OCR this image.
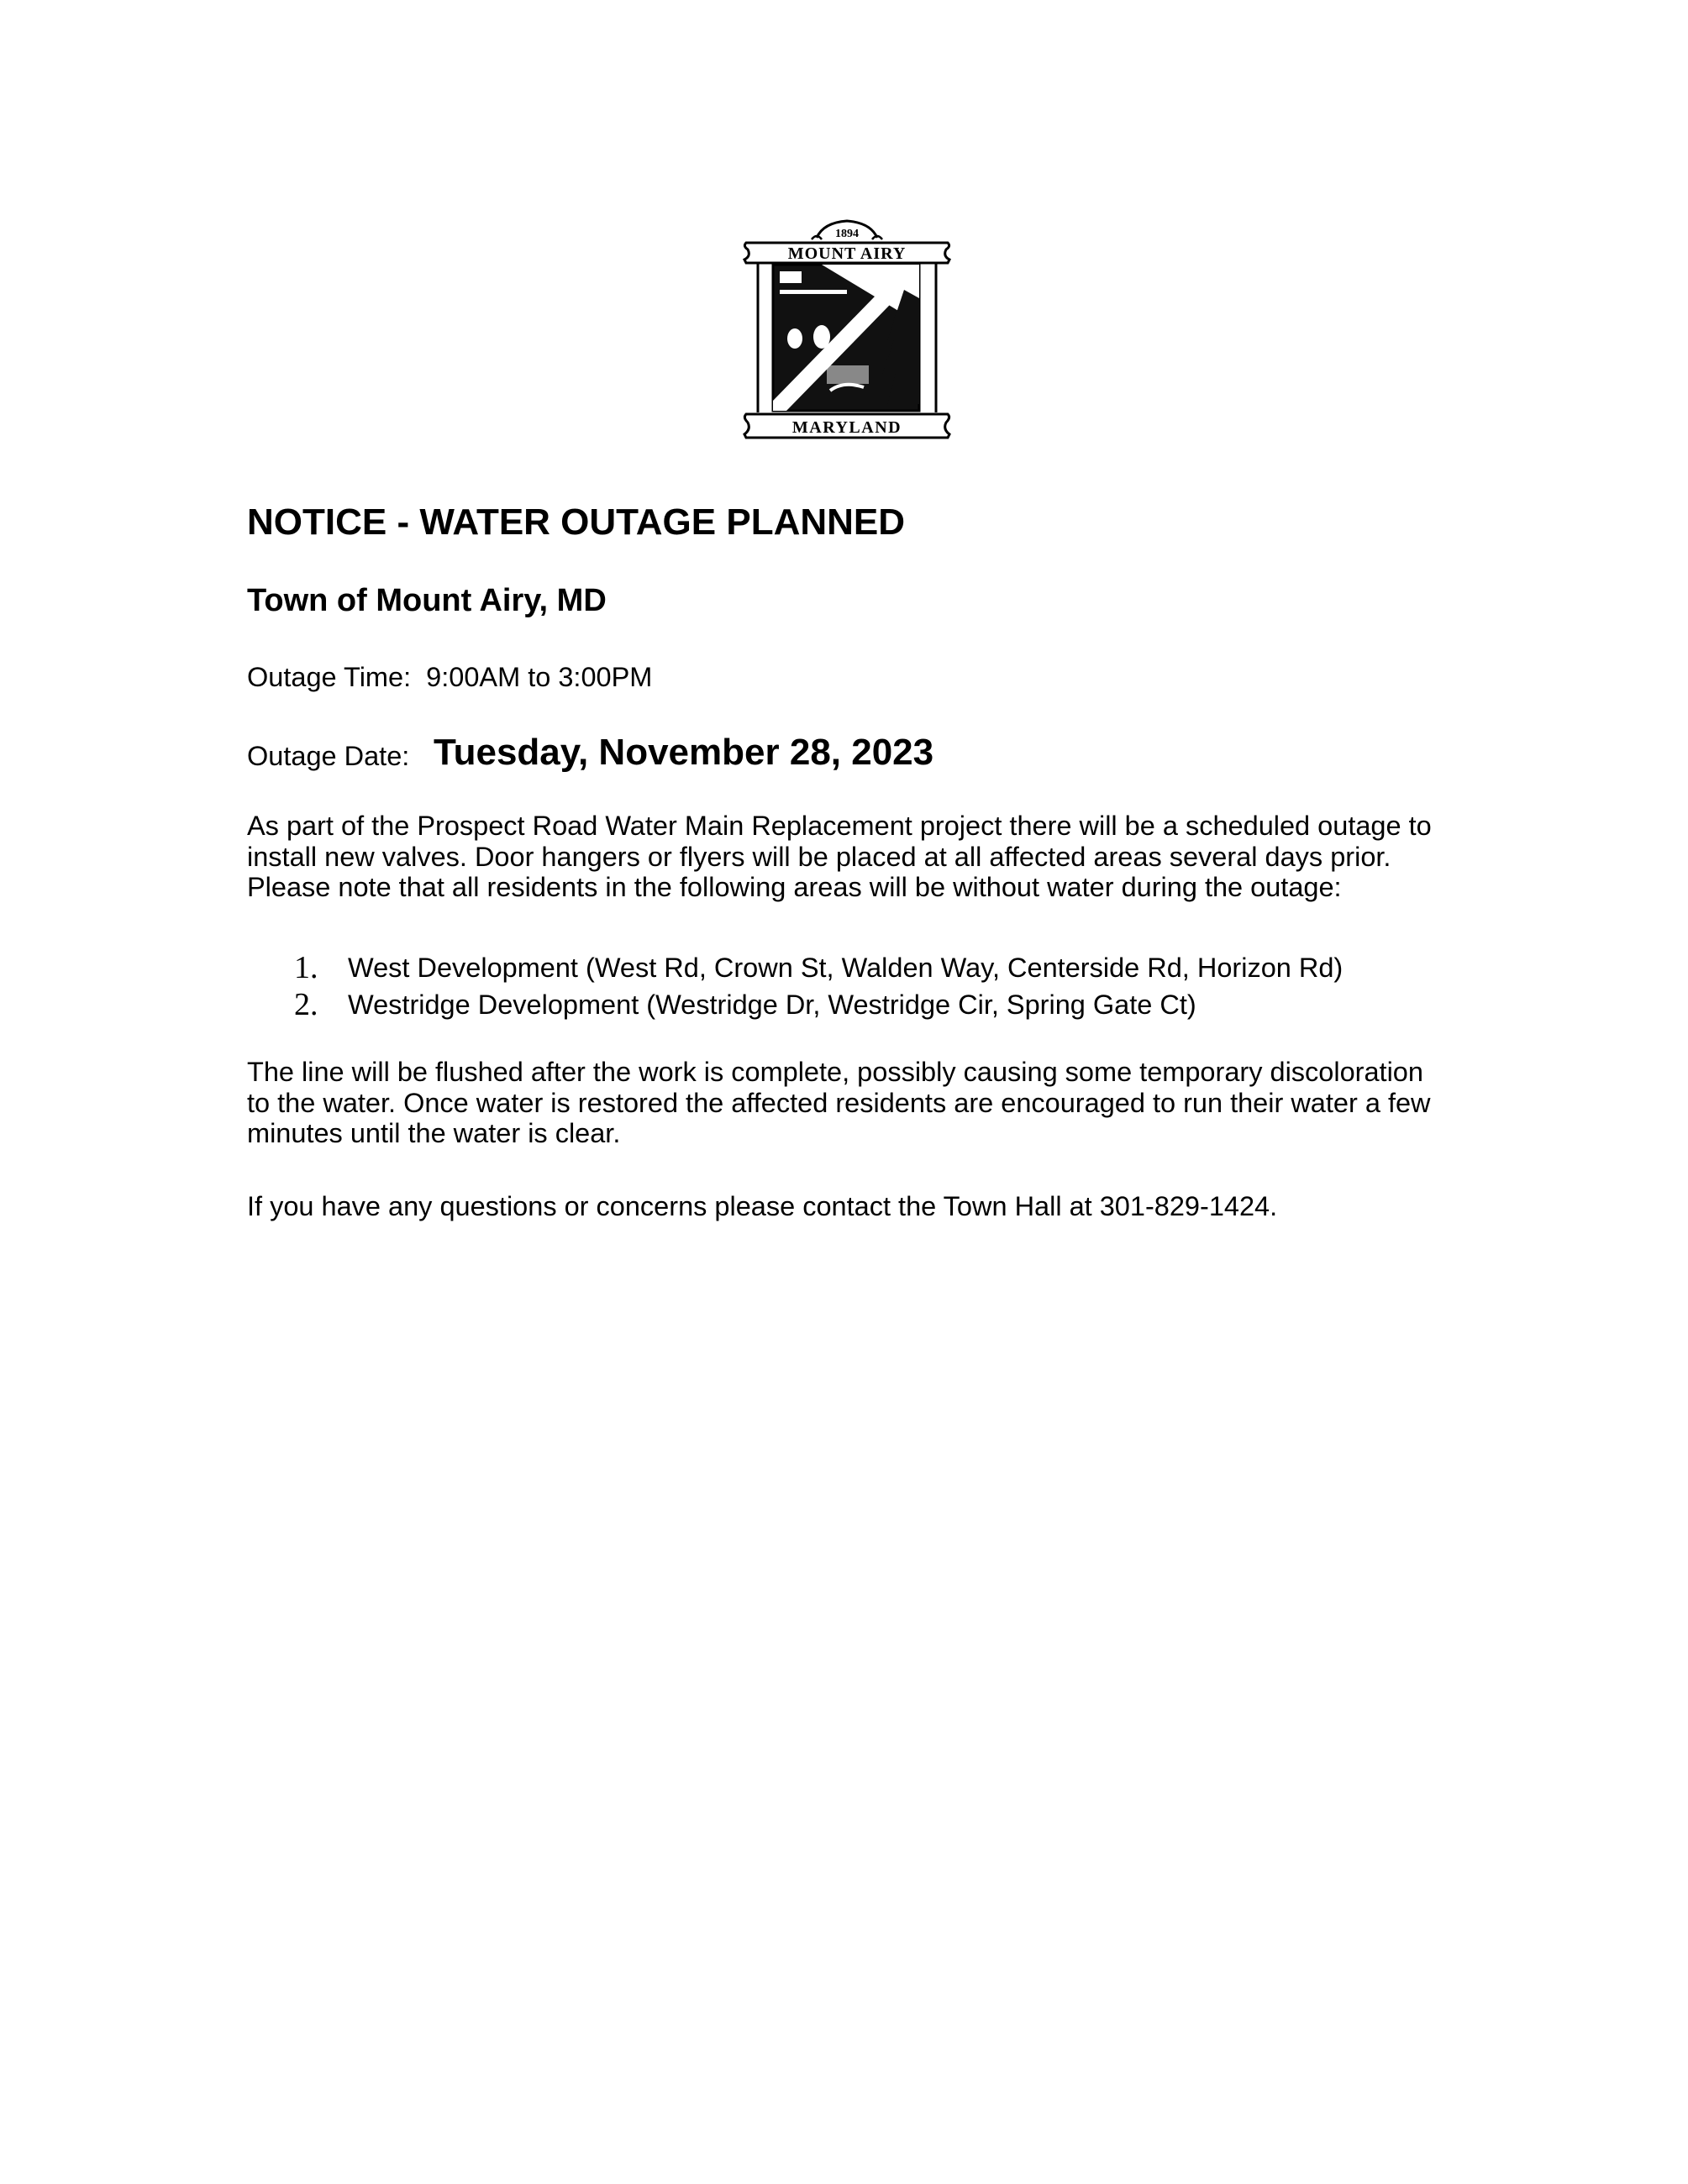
1894
MOUNT AIRY
MARYLAND
NOTICE - WATER OUTAGE PLANNED
Town of Mount Airy, MD
Outage Time: 9:00AM to 3:00PM
Outage Date: Tuesday, November 28, 2023
As part of the Prospect Road Water Main Replacement project there will be a scheduled outage to install new valves. Door hangers or flyers will be placed at all affected areas several days prior. Please note that all residents in the following areas will be without water during the outage:
1. West Development (West Rd, Crown St, Walden Way, Centerside Rd, Horizon Rd)
2. Westridge Development (Westridge Dr, Westridge Cir, Spring Gate Ct)
The line will be flushed after the work is complete, possibly causing some temporary discoloration to the water. Once water is restored the affected residents are encouraged to run their water a few minutes until the water is clear.
If you have any questions or concerns please contact the Town Hall at 301-829-1424.
